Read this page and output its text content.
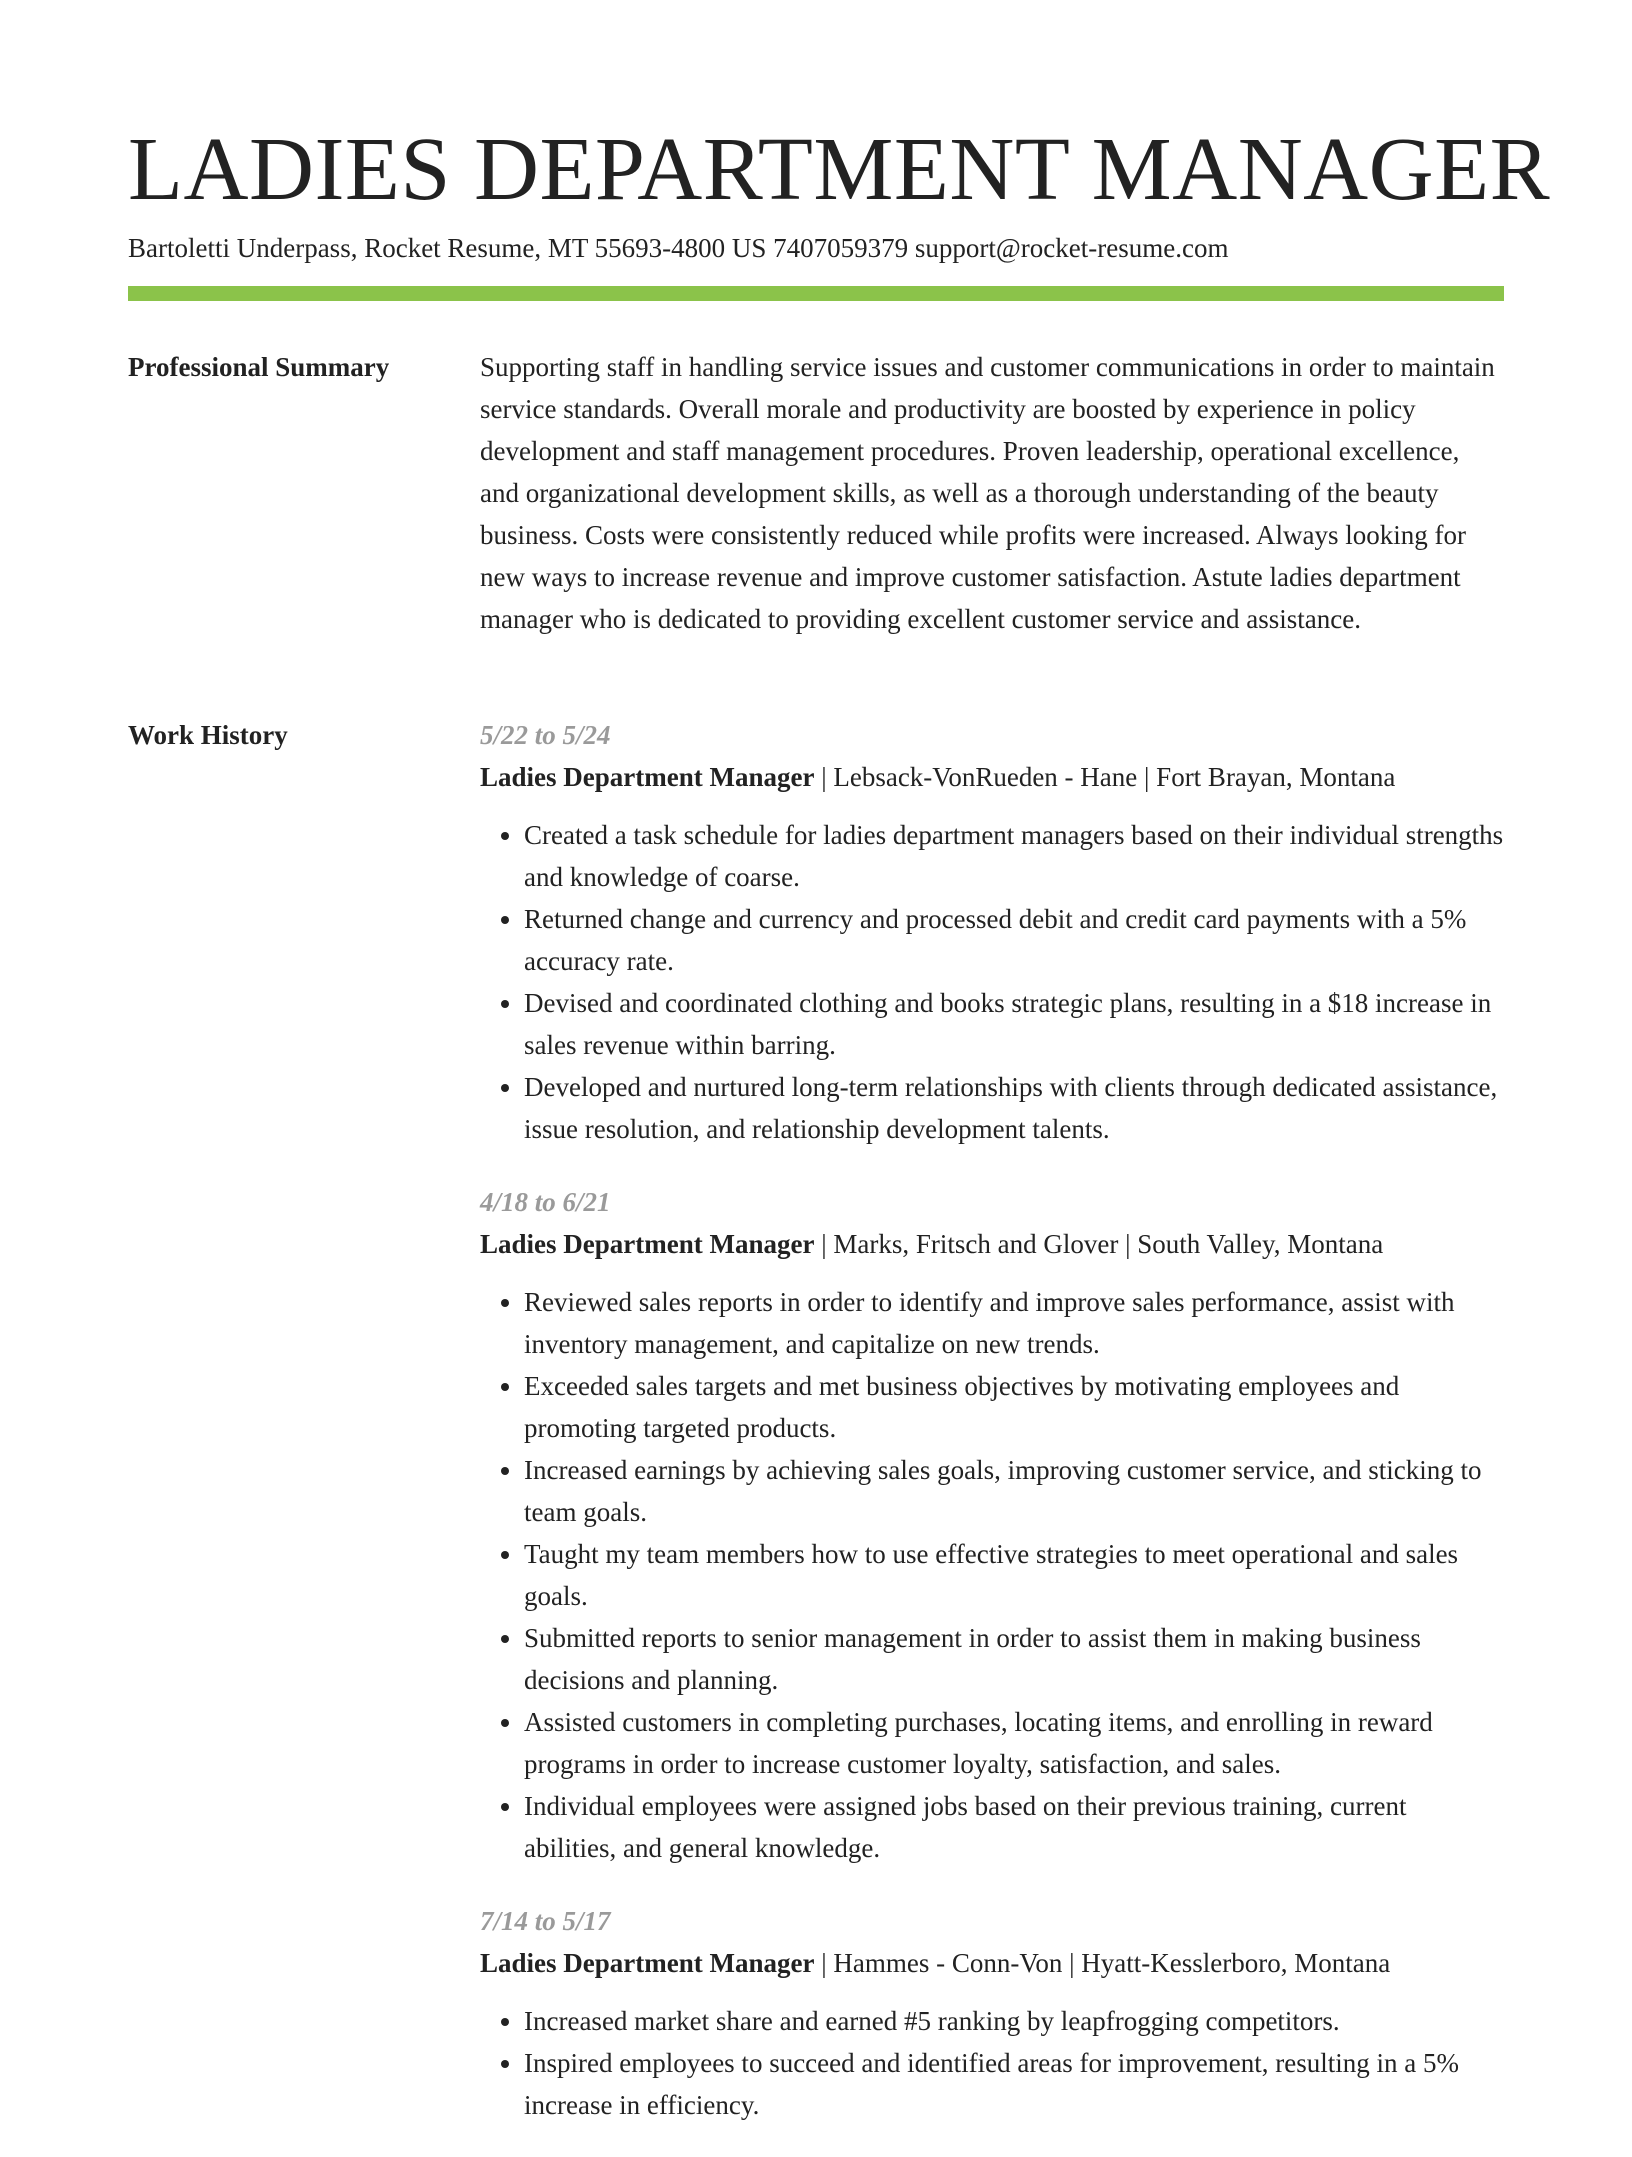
LADIES DEPARTMENT MANAGER
Bartoletti Underpass, Rocket Resume, MT 55693-4800 US 7407059379 support@rocket-resume.com
Professional Summary	Supporting staff in handling service issues and customer communications in order to maintain service standards. Overall morale and productivity are boosted by experience in policy development and staff management procedures. Proven leadership, operational excellence, and organizational development skills, as well as a thorough understanding of the beauty business. Costs were consistently reduced while profits were increased. Always looking for new ways to increase revenue and improve customer satisfaction. Astute ladies department manager who is dedicated to providing excellent customer service and assistance.

Work History	5/22 to 5/24
Ladies Department Manager | Lebsack-VonRueden - Hane | Fort Brayan, Montana
• Created a task schedule for ladies department managers based on their individual strengths and knowledge of coarse.
• Returned change and currency and processed debit and credit card payments with a 5% accuracy rate.
• Devised and coordinated clothing and books strategic plans, resulting in a $18 increase in sales revenue within barring.
• Developed and nurtured long-term relationships with clients through dedicated assistance, issue resolution, and relationship development talents.
4/18 to 6/21
Ladies Department Manager | Marks, Fritsch and Glover | South Valley, Montana
• Reviewed sales reports in order to identify and improve sales performance, assist with inventory management, and capitalize on new trends.
• Exceeded sales targets and met business objectives by motivating employees and promoting targeted products.
• Increased earnings by achieving sales goals, improving customer service, and sticking to team goals.
• Taught my team members how to use effective strategies to meet operational and sales goals.
• Submitted reports to senior management in order to assist them in making business decisions and planning.
• Assisted customers in completing purchases, locating items, and enrolling in reward programs in order to increase customer loyalty, satisfaction, and sales.
• Individual employees were assigned jobs based on their previous training, current abilities, and general knowledge.
7/14 to 5/17
Ladies Department Manager | Hammes - Conn-Von | Hyatt-Kesslerboro, Montana
• Increased market share and earned #5 ranking by leapfrogging competitors.
• Inspired employees to succeed and identified areas for improvement, resulting in a 5% increase in efficiency.
